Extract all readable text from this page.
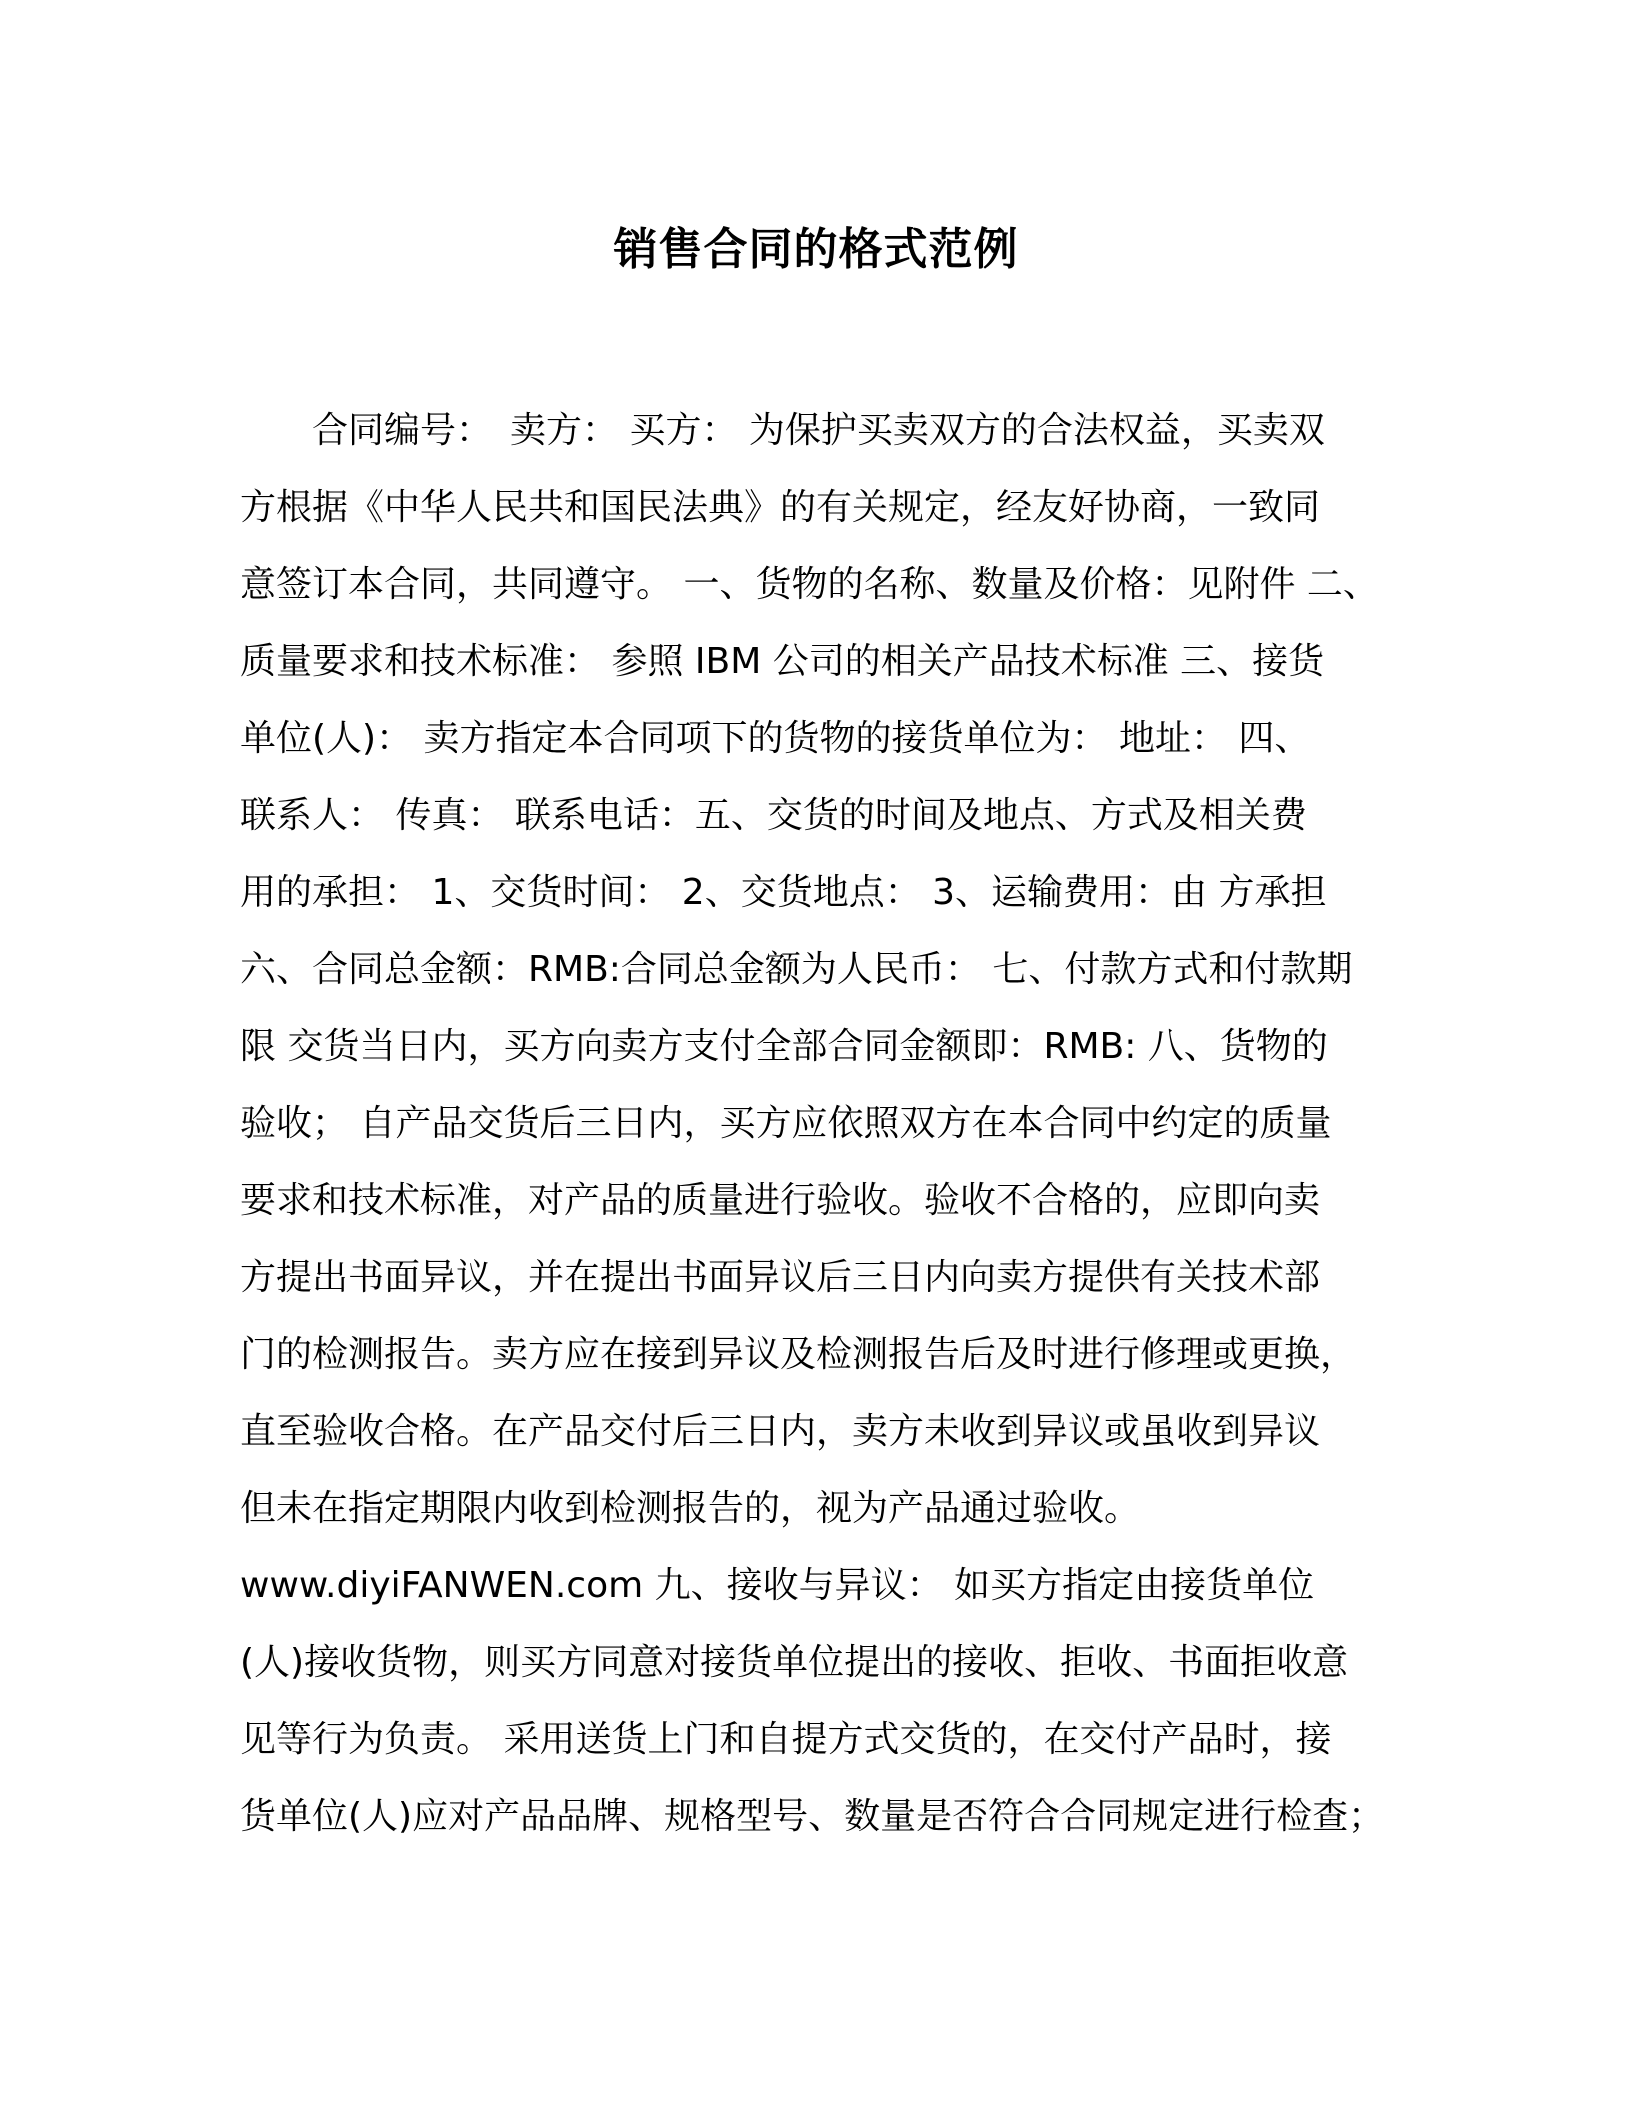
销售合同的格式范例
　　合同编号：　卖方： 买方： 为保护买卖双方的合法权益，买卖双
方根据《中华人民共和国民法典》的有关规定，经友好协商，一致同
意签订本合同，共同遵守。 一、货物的名称、数量及价格：见附件 二、
质量要求和技术标准： 参照 IBM 公司的相关产品技术标准 三、接货
单位(人)： 卖方指定本合同项下的货物的接货单位为： 地址： 四、
联系人： 传真： 联系电话：五、交货的时间及地点、方式及相关费
用的承担： 1、交货时间： 2、交货地点： 3、运输费用：由 方承担
六、合同总金额：RMB:合同总金额为人民币： 七、付款方式和付款期
限 交货当日内，买方向卖方支付全部合同金额即：RMB: 八、货物的
验收； 自产品交货后三日内，买方应依照双方在本合同中约定的质量
要求和技术标准，对产品的质量进行验收。验收不合格的，应即向卖
方提出书面异议，并在提出书面异议后三日内向卖方提供有关技术部
门的检测报告。卖方应在接到异议及检测报告后及时进行修理或更换，
直至验收合格。在产品交付后三日内，卖方未收到异议或虽收到异议
但未在指定期限内收到检测报告的，视为产品通过验收。
www.diyiFANWEN.com 九、接收与异议： 如买方指定由接货单位
(人)接收货物，则买方同意对接货单位提出的接收、拒收、书面拒收意
见等行为负责。 采用送货上门和自提方式交货的，在交付产品时，接
货单位(人)应对产品品牌、规格型号、数量是否符合合同规定进行检查；
